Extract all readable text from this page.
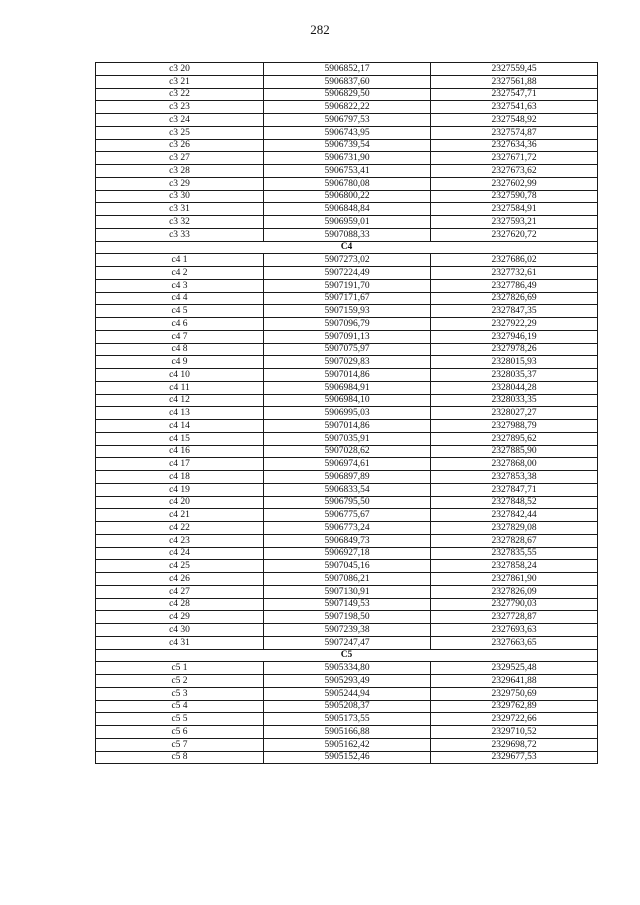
282
c3 20	5906852,17	2327559,45
c3 21	5906837,60	2327561,88
c3 22	5906829,50	2327547,71
c3 23	5906822,22	2327541,63
c3 24	5906797,53	2327548,92
c3 25	5906743,95	2327574,87
c3 26	5906739,54	2327634,36
c3 27	5906731,90	2327671,72
c3 28	5906753,41	2327673,62
c3 29	5906780,08	2327602,99
c3 30	5906800,22	2327590,78
c3 31	5906848,84	2327584,91
c3 32	5906959,01	2327593,21
c3 33	5907088,33	2327620,72
C4		
c4 1	5907273,02	2327686,02
c4 2	5907224,49	2327732,61
c4 3	5907191,70	2327786,49
c4 4	5907171,67	2327826,69
c4 5	5907159,93	2327847,35
c4 6	5907096,79	2327922,29
c4 7	5907091,13	2327946,19
c4 8	5907075,97	2327978,26
c4 9	5907029,83	2328015,93
c4 10	5907014,86	2328035,37
c4 11	5906984,91	2328044,28
c4 12	5906984,10	2328033,35
c4 13	5906995,03	2328027,27
c4 14	5907014,86	2327988,79
c4 15	5907035,91	2327895,62
c4 16	5907028,62	2327885,90
c4 17	5906974,61	2327868,00
c4 18	5906897,89	2327853,38
c4 19	5906833,54	2327847,71
c4 20	5906795,50	2327848,52
c4 21	5906775,67	2327842,44
c4 22	5906773,24	2327829,08
c4 23	5906849,73	2327828,67
c4 24	5906927,18	2327835,55
c4 25	5907045,16	2327858,24
c4 26	5907086,21	2327861,90
c4 27	5907130,91	2327826,09
c4 28	5907149,53	2327790,03
c4 29	5907198,50	2327728,87
c4 30	5907239,38	2327693,63
c4 31	5907247,47	2327663,65
C5		
c5 1	5905334,80	2329525,48
c5 2	5905293,49	2329641,88
c5 3	5905244,94	2329750,69
c5 4	5905208,37	2329762,89
c5 5	5905173,55	2329722,66
c5 6	5905166,88	2329710,52
c5 7	5905162,42	2329698,72
c5 8	5905152,46	2329677,53
